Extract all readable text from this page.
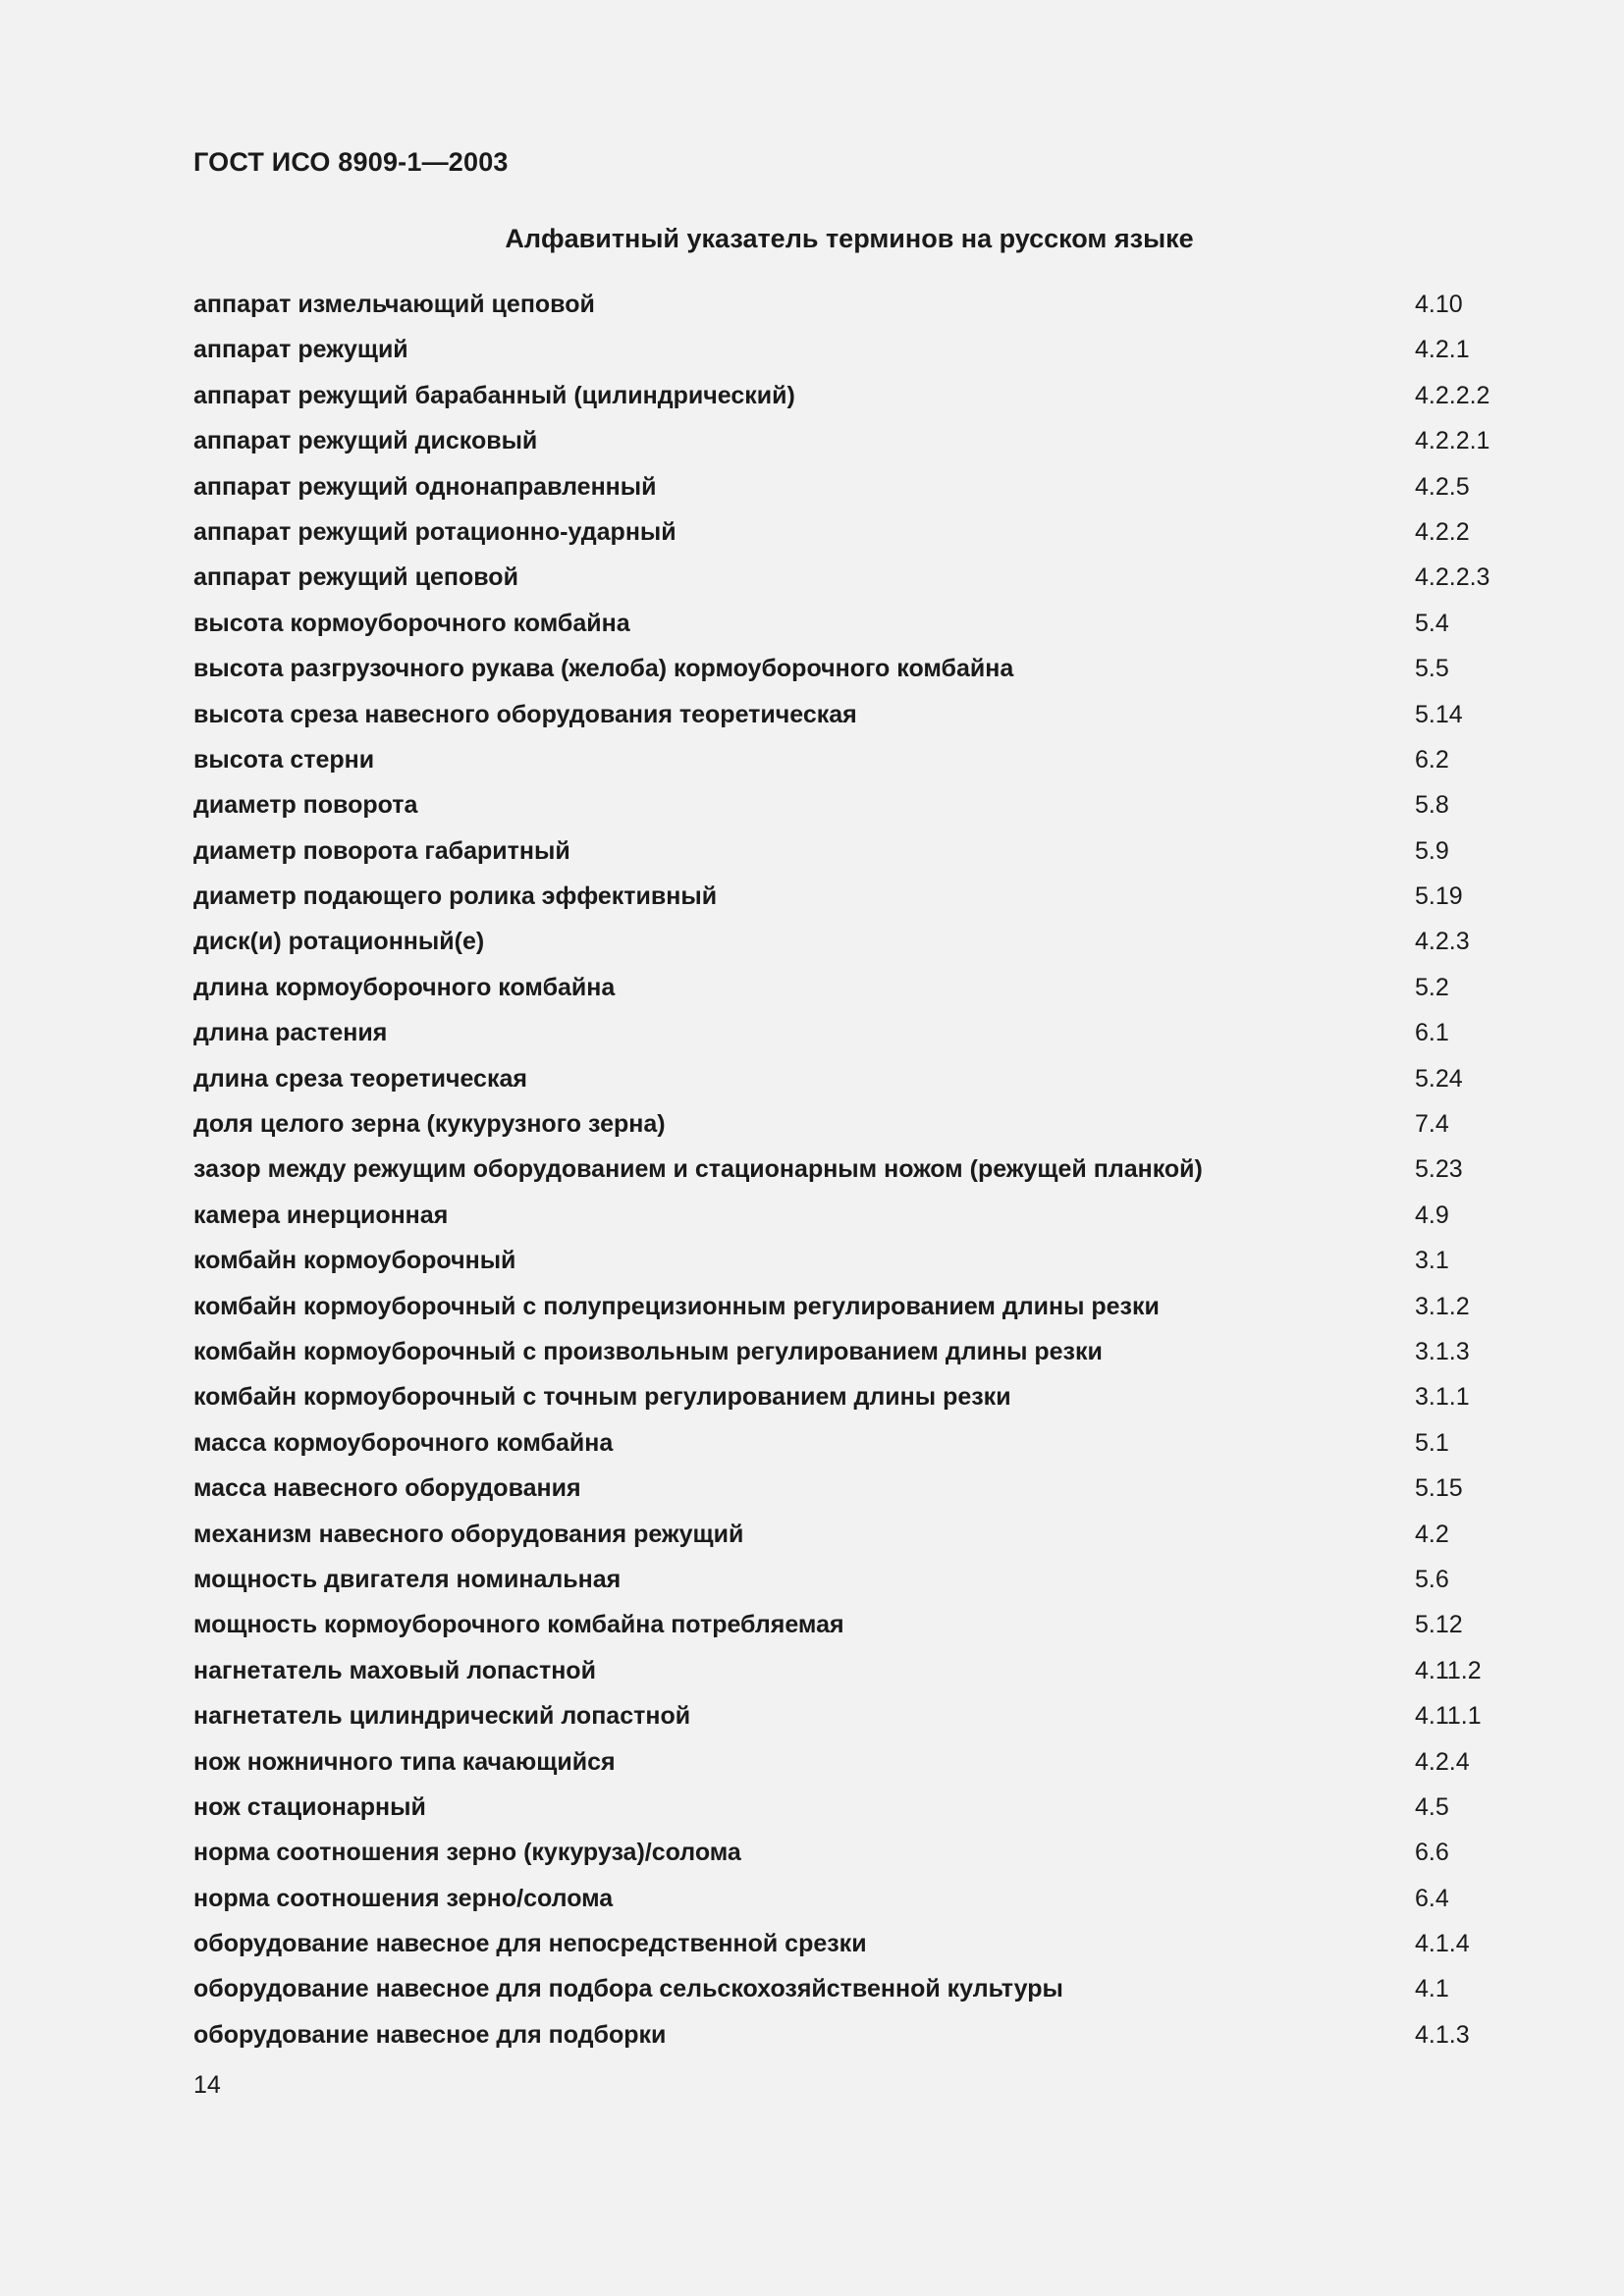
ГОСТ ИСО 8909-1—2003
Алфавитный указатель терминов на русском языке
аппарат измельчающий цеповой	4.10
аппарат режущий	4.2.1
аппарат режущий барабанный (цилиндрический)	4.2.2.2
аппарат режущий дисковый	4.2.2.1
аппарат режущий однонаправленный	4.2.5
аппарат режущий ротационно-ударный	4.2.2
аппарат режущий цеповой	4.2.2.3
высота кормоуборочного комбайна	5.4
высота разгрузочного рукава (желоба) кормоуборочного комбайна	5.5
высота среза навесного оборудования теоретическая	5.14
высота стерни	6.2
диаметр поворота	5.8
диаметр поворота габаритный	5.9
диаметр подающего ролика эффективный	5.19
диск(и) ротационный(е)	4.2.3
длина кормоуборочного комбайна	5.2
длина растения	6.1
длина среза теоретическая	5.24
доля целого зерна (кукурузного зерна)	7.4
зазор между режущим оборудованием и стационарным ножом (режущей планкой)	5.23
камера инерционная	4.9
комбайн кормоуборочный	3.1
комбайн кормоуборочный с полупрецизионным регулированием длины резки	3.1.2
комбайн кормоуборочный с произвольным регулированием длины резки	3.1.3
комбайн кормоуборочный с точным регулированием длины резки	3.1.1
масса кормоуборочного комбайна	5.1
масса навесного оборудования	5.15
механизм навесного оборудования режущий	4.2
мощность двигателя номинальная	5.6
мощность кормоуборочного комбайна потребляемая	5.12
нагнетатель маховый лопастной	4.11.2
нагнетатель цилиндрический лопастной	4.11.1
нож ножничного типа качающийся	4.2.4
нож стационарный	4.5
норма соотношения зерно (кукуруза)/солома	6.6
норма соотношения зерно/солома	6.4
оборудование навесное для непосредственной срезки	4.1.4
оборудование навесное для подбора сельскохозяйственной культуры	4.1
оборудование навесное для подборки	4.1.3
14
